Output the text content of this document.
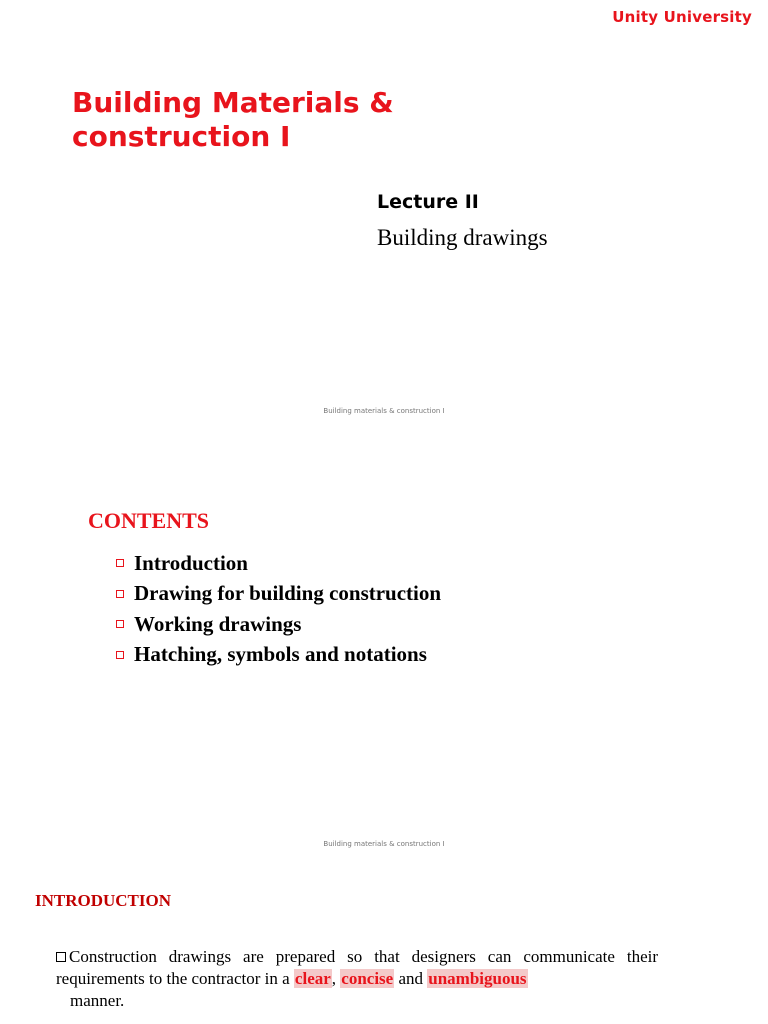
Unity University
Building Materials & construction I
Lecture II
Building drawings
Building materials & construction I
CONTENTS
Introduction
Drawing for building construction
Working drawings
Hatching, symbols and notations
Building materials & construction I
INTRODUCTION
Construction drawings are prepared so that designers can communicate their requirements to the contractor in a clear, concise and unambiguous
manner.
